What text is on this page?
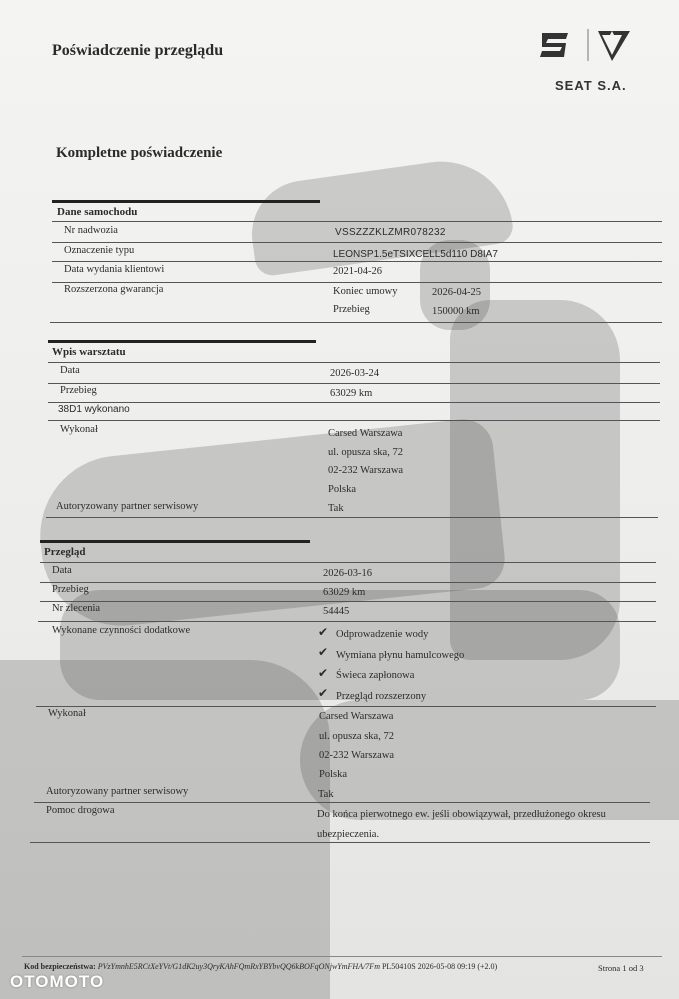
Poświadczenie przeglądu
SEAT S.A.
Kompletne poświadczenie
Dane samochodu
Nr nadwozia	VSSZZZKLZMR078232
Oznaczenie typu	LEONSP1.5eTSIXCELL5d110 D8IA7
Data wydania klientowi	2021-04-26
Rozszerzona gwarancja	Koniec umowy	2026-04-25
Przebieg	150000 km
Wpis warsztatu
Data	2026-03-24
Przebieg	63029 km
38D1 wykonano
Wykonał	Carsed Warszawa
ul. opusza ska, 72
02-232 Warszawa
Polska
Autoryzowany partner serwisowy	Tak
Przegląd
Data	2026-03-16
Przebieg	63029 km
Nr zlecenia	54445
Wykonane czynności dodatkowe	✔ Odprowadzenie wody
✔ Wymiana płynu hamulcowego
✔ Świeca zapłonowa
✔ Przegląd rozszerzony
Wykonał	Carsed Warszawa
ul. opusza ska, 72
02-232 Warszawa
Polska
Autoryzowany partner serwisowy	Tak
Pomoc drogowa	Do końca pierwotnego ew. jeśli obowiązywał, przedłużonego okresu
ubezpieczenia.
Kod bezpieczeństwa: PVzYmnhE5RCtXeYVt/G1dK2uy3QryKAhFQmRxYBYbvQQ6kBOFqONjwYmFHA/7Fm PL50410S 2026-05-08 09:19 (+2.0)	Strona 1 od 3
OTOMOTO
